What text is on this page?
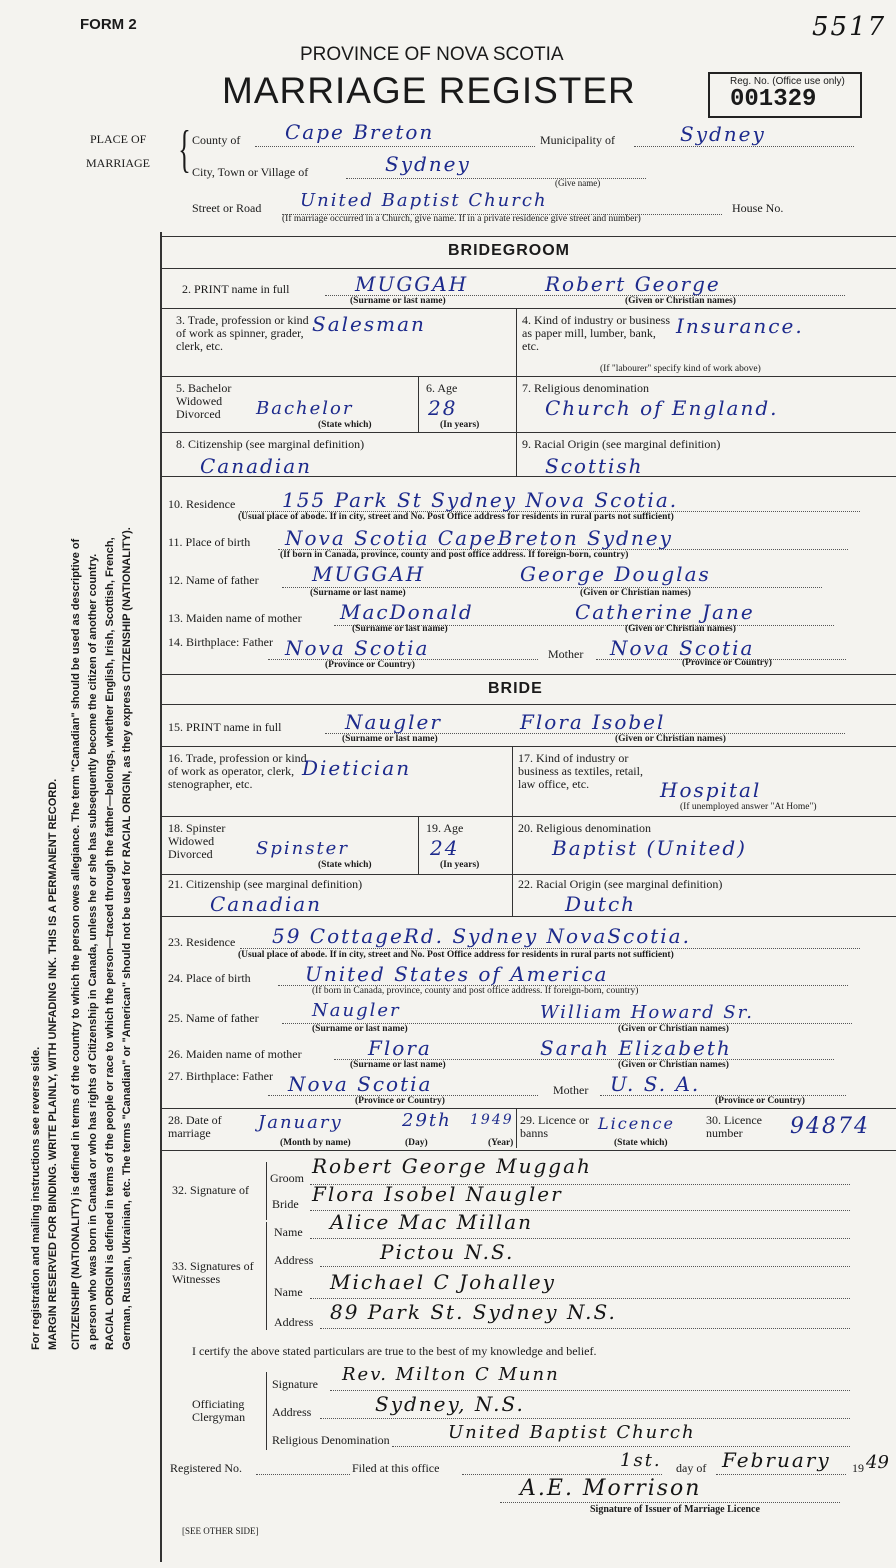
For registration and mailing instructions see reverse side. MARGIN RESERVED FOR BINDING. WRITE PLAINLY, WITH UNFADING INK. THIS IS A PERMANENT RECORD. CITIZENSHIP (NATIONALITY) is defined in terms of the country to which the person owes allegiance. The term "Canadian" should be used as descriptive of a person who was born in Canada or who has rights of Citizenship in Canada, unless he or she has subsequently become the citizen of another country. RACIAL ORIGIN is defined in terms of the people or race to which the person—traced through the father—belongs, whether English, Irish, Scottish, French, German, Russian, Ukrainian, etc. The terms "Canadian" or "American" should not be used for RACIAL ORIGIN, as they express CITIZENSHIP (NATIONALITY).
FORM 2	5517
PROVINCE OF NOVA SCOTIA
MARRIAGE REGISTER	Reg. No. (Office use only)
001329
PLACE OF
MARRIAGE { County of Cape Breton	Municipality of	Sydney
City, Town or Village of	Sydney
(Give name)
Street or Road United Baptist Church	House No.
(If marriage occurred in a Church, give name. If in a private residence give street and number)
BRIDEGROOM
2. PRINT name in full	MUGGAH	Robert George
(Surname or last name)	(Given or Christian names)
3. Trade, profession or kind of work as spinner, grader, clerk, etc.
Salesman	4. Kind of industry or business as paper mill, lumber, bank, etc.
Insurance.
(If "labourer" specify kind of work above)
5. Bachelor Widowed Divorced	Bachelor
(State which)
6. Age
28
(In years)
7. Religious denomination
Church of England.
8. Citizenship (see marginal definition)
Canadian
9. Racial Origin (see marginal definition)
Scottish
10. Residence 155 Park St Sydney Nova Scotia.
(Usual place of abode. If in city, street and No. Post Office address for residents in rural parts not sufficient)
11. Place of birth Nova Scotia CapeBreton Sydney
(If born in Canada, province, county and post office address. If foreign-born, country)
12. Name of father	MUGGAH	George Douglas
(Surname or last name)	(Given or Christian names)
13. Maiden name of mother MacDonald	Catherine Jane
(Surname or last name)	(Given or Christian names)
14. Birthplace: Father Nova Scotia
(Province or Country)
Mother Nova Scotia
(Province or Country)
BRIDE
15. PRINT name in full	Naugler	Flora Isobel
(Surname or last name)	(Given or Christian names)
16. Trade, profession or kind of work as operator, clerk, stenographer, etc.
Dietician	17. Kind of industry or business as textiles, retail, law office, etc.	Hospital
(If unemployed answer "At Home")
18. Spinster Widowed Divorced	Spinster
(State which)
19. Age
24
(In years)
20. Religious denomination
Baptist (United)
21. Citizenship (see marginal definition)
Canadian
22. Racial Origin (see marginal definition)
Dutch
23. Residence 59 CottageRd. Sydney NovaScotia.
(Usual place of abode. If in city, street and No. Post Office address for residents in rural parts not sufficient)
24. Place of birth	United States of America
(If born in Canada, province, county and post office address. If foreign-born, country)
25. Name of father	Naugler	William Howard Sr.
(Surname or last name)	(Given or Christian names)
26. Maiden name of mother	Flora	Sarah Elizabeth
(Surname or last name)	(Given or Christian names)
27. Birthplace: Father Nova Scotia
(Province or Country)
Mother U. S. A.
(Province or Country)
28. Date of marriage	January	29th 1949
(Month by name)	(Day)	(Year)
29. Licence or banns	Licence
(State which)
30. Licence number	94874
32. Signature of
Groom Robert George Muggah
Bride Flora Isobel Naugler
33. Signatures of Witnesses
Name Alice Mac Millan
Address	Pictou N.S.
Name Michael C Johalley
Address 89 Park St. Sydney N.S.
I certify the above stated particulars are true to the best of my knowledge and belief.
Officiating Clergyman
Signature Rev. Milton C Munn
Address	Sydney, N.S.
Religious Denomination	United Baptist Church
Registered No.	Filed at this office	1st. day of February 19 49
A.E. Morrison
Signature of Issuer of Marriage Licence
[SEE OTHER SIDE]
